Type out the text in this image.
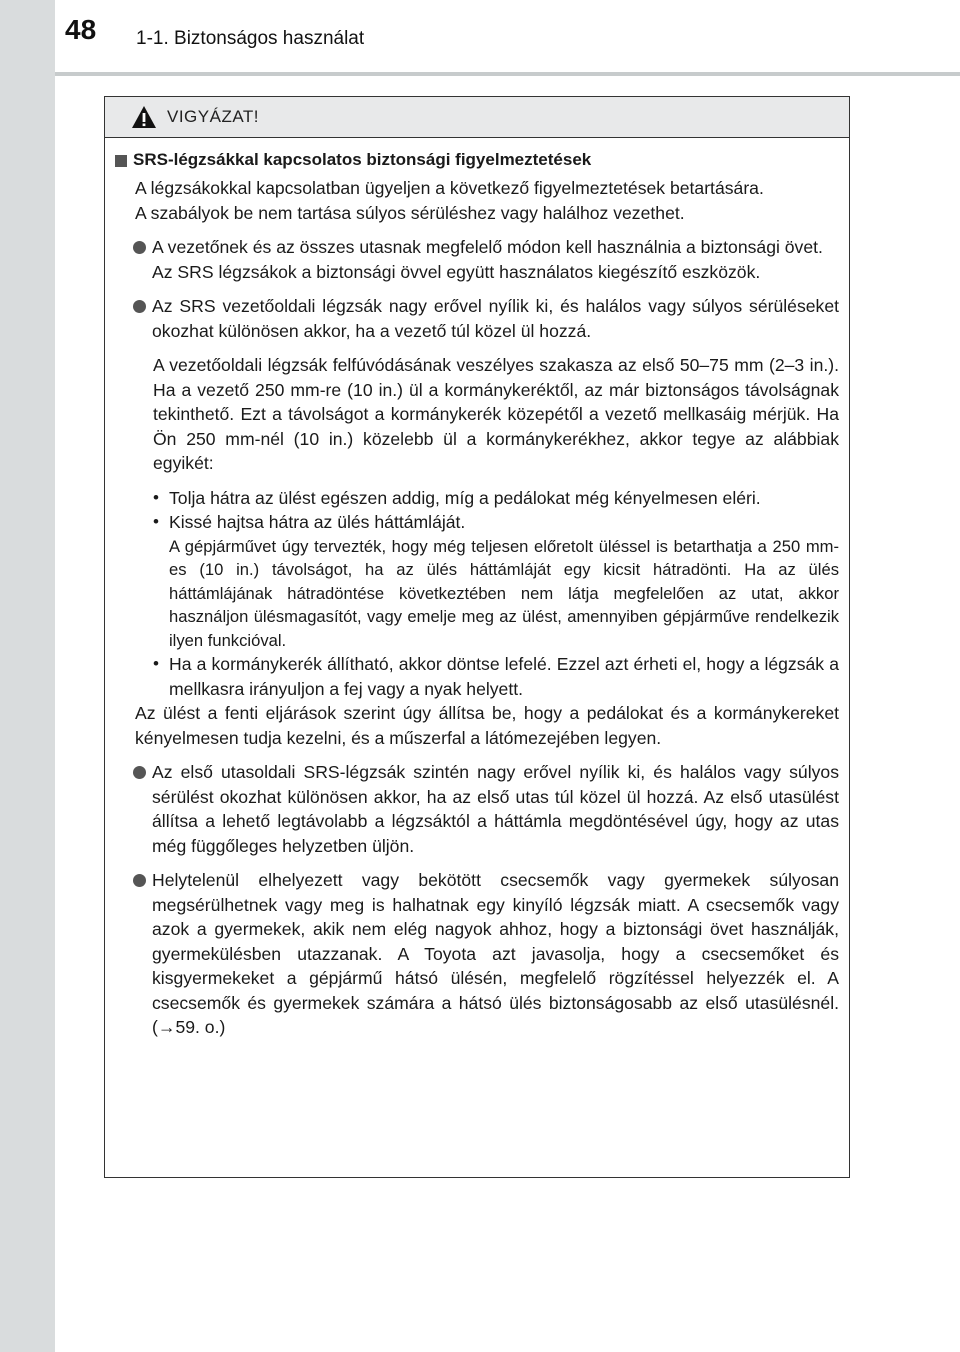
48 1-1. Biztonságos használat
VIGYÁZAT!
SRS-légzsákkal kapcsolatos biztonsági figyelmeztetések
A légzsákokkal kapcsolatban ügyeljen a következő figyelmeztetések betartására.
A szabályok be nem tartása súlyos sérüléshez vagy halálhoz vezethet.
A vezetőnek és az összes utasnak megfelelő módon kell használnia a biztonsági övet.
Az SRS légzsákok a biztonsági övvel együtt használatos kiegészítő eszközök.
Az SRS vezetőoldali légzsák nagy erővel nyílik ki, és halálos vagy súlyos sérüléseket okozhat különösen akkor, ha a vezető túl közel ül hozzá.
A vezetőoldali légzsák felfúvódásának veszélyes szakasza az első 50–75 mm (2–3 in.). Ha a vezető 250 mm-re (10 in.) ül a kormánykeréktől, az már biztonságos távolságnak tekinthető. Ezt a távolságot a kormánykerék közepétől a vezető mellkasáig mérjük. Ha Ön 250 mm-nél (10 in.) közelebb ül a kormánykerékhez, akkor tegye az alábbiak egyikét:
• Tolja hátra az ülést egészen addig, míg a pedálokat még kényelmesen eléri.
• Kissé hajtsa hátra az ülés háttámláját.
A gépjárművet úgy tervezték, hogy még teljesen előretolt üléssel is betarthatja a 250 mm-es (10 in.) távolságot, ha az ülés háttámláját egy kicsit hátradönti. Ha az ülés háttámlájának hátradöntése következtében nem látja megfelelően az utat, akkor használjon ülésmagasítót, vagy emelje meg az ülést, amennyiben gépjárműve rendelkezik ilyen funkcióval.
• Ha a kormánykerék állítható, akkor döntse lefelé. Ezzel azt érheti el, hogy a légzsák a mellkasra irányuljon a fej vagy a nyak helyett.
Az ülést a fenti eljárások szerint úgy állítsa be, hogy a pedálokat és a kormánykereket kényelmesen tudja kezelni, és a műszerfal a látómezejében legyen.
Az első utasoldali SRS-légzsák szintén nagy erővel nyílik ki, és halálos vagy súlyos sérülést okozhat különösen akkor, ha az első utas túl közel ül hozzá. Az első utasülést állítsa a lehető legtávolabb a légzsáktól a háttámla megdöntésével úgy, hogy az utas még függőleges helyzetben üljön.
Helytelenül elhelyezett vagy bekötött csecsemők vagy gyermekek súlyosan megsérülhetnek vagy meg is halhatnak egy kinyíló légzsák miatt. A csecsemők vagy azok a gyermekek, akik nem elég nagyok ahhoz, hogy a biztonsági övet használják, gyermekülésben utazzanak. A Toyota azt javasolja, hogy a csecsemőket és kisgyermekeket a gépjármű hátsó ülésén, megfelelő rögzítéssel helyezzék el. A csecsemők és gyermekek számára a hátsó ülés biztonságosabb az első utasülésnél. (→59. o.)
